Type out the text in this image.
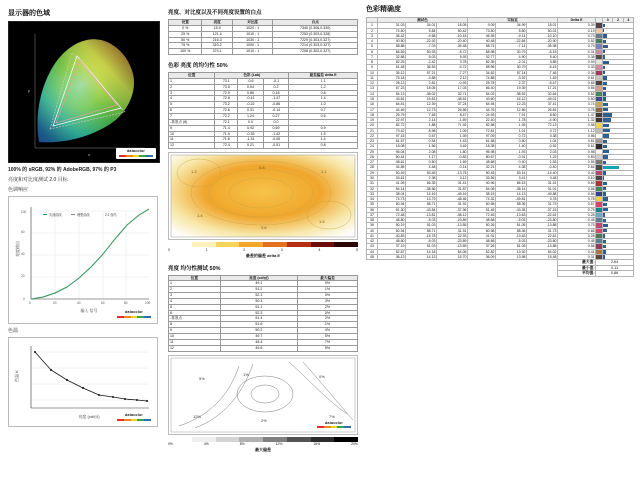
显示器的色域
x
y
datacolor
100% 的 sRGB, 92% 的 AdobeRGB, 97% 的 P3
亮度和对比度测试 2.0 目标
色调响应
输入 信号
亮度输出
0	20	40	60	80	100
0
20
40
60
100
实测曲线	理想曲线	2.2 伽马
datacolor
色温
亮度 (cd/㎡)
色温 K
datacolor
亮度、对比度以及不同亮度设置的白点
设置	亮度	对比度	白点
0 %	15.9	1020 : 1	7340 (0.306,0.330)
25 %	121.4	1010 : 1	7253 (0.303,0.328)
50 %	216.3	1030 : 1	7229 (0.303,0.327)
75 %	310.2	1000 : 1	7214 (0.303,0.327)
100 %	374.1	1010 : 1	7208 (0.302,0.327)
色彩 亮度 的均匀性 50%
位置	色彩 (Lab)			最差偏差 delta E
1	73.1	-0.6	-0.1	1.1
2	73.5	0.04	0.2	1.2
3	72.9	0.86	0.18	0.8
4	72.8	-0.41	-1.47	1.4
5	73.2	-0.22	-0.86	1.0
6	72.6	0.31	-0.14	0.7
7	72.2	1.24	0.27	0.6
-基准点 (8)	72.1	0.0	0.0	-
9	71.4	0.92	0.69	0.9
10	71.9	-0.35	-1.42	1.5
11	71.8	-1.31	-0.05	1.4
12	72.4	0.21	-0.51	0.8
1.2
0.8
1.1
1.4
0.6
1.5
0	1	2	3	4	5
最差的偏差 delta E
亮度 均匀性测试 50%
位置	亮度 (cd/㎡)	最大偏差
1	49.1	5%
2	51.2	1%
3	52.1	0%
4	50.4	3%
5	51.1	2%
6	52.3	0%
-基准点	51.4	2%
8	51.6	1%
9	50.2	4%
10	49.7	5%
11	48.4	7%
12	49.6	5%
5%
1%	0%
12%
2%
7%
datacolor
0%	4%	8%	12%	16%	20%
最大偏差
色彩精确度
	测试色			实验室			Delta E		0	2	4
1	31.03	34.01	18.05	9.09	34.99	18.01	0.39				

2	74.50	5.84	50.42	73.50	5.80	50.01	0.19				

3	46.42	-9.58	-10.15	46.95	-9.14	-10.10	0.73				

4	40.50	-22.92	-20.40	40.48	-22.84	-20.90	0.52				

5	58.88	-7.03	-35.48	58.74	-7.14	-35.98	0.79				

6	66.59	50.93	-5.72	58.98	30.79	-6.15	0.31				

7	32.88	5.03	5.93	32.77	4.90	5.40	0.38				

8	82.25	-2.42	3.78	82.35	-2.01	3.85	0.93				

9	61.48	36.53	-5.72	58.96	30.79	-6.15	0.33				

10	35.12	57.21	-7.27	34.82	57.14	-7.46	0.34				

11	75.18	-3.88	2.12	74.88	-3.92	1.49	0.61				

12	28.13	2.81	-0.93	25.78	2.37	-5.47	0.65				

13	67.23	18.05	17.03	66.40	19.39	17.21	0.55				

14	54.13	-38.02	32.71	54.02	-38.52	32.64	0.52				

15	43.81	15.81	-48.51	43.60	16.12	-49.01	0.50				

16	64.51	12.39	37.24	64.94	12.23	37.41	0.74				

17	44.49	12.73	26.56	44.76	12.56	26.81	0.76				

18	25.79	7.45	8.47	24.93	7.91	8.50	1.47				

19	22.97	2.14	-1.69	22.40	1.78	-4.90	1.32				

20	82.72	1.88	71.92	82.98	1.93	72.13	0.98				

21	73.42	8.98	1.09	72.81	1.01	0.72	1.12				

22	97.15	0.57	1.39	97.09	0.72	0.38	0.96				

23	61.57	0.54	1.43	61.58	0.50	1.04	0.61				

24	18.08	1.56	0.49	18.38	1.40	-0.92	0.61				

25	96.04	2.08	1.80	95.98	1.93	2.03	0.98				

26	80.44	1.17	-0.83	80.67	-0.91	1.23	0.83				

27	48.61	0.50	1.69	48.68	0.40	1.53	0.55				

28	34.85	4.48	-0.14	32.21	4.38	-0.40	2.64				

29	50.49	53.45	-13.75	50.45	53.14	-14.40	0.42				

30	33.61	2.38	0.12	33.56	3.41	0.48	0.10				

31	41.05	66.35	31.41	40.96	66.15	31.41	0.69				

32	54.14	-38.56	31.87	54.08	-38.14	31.01	0.56				

33	38.04	14.16	-49.16	38.15	14.13	-49.88	0.56				

34	74.73	13.79	-48.46	74.32	-49.81	0.78	0.78				

35	60.94	58.71	31.91	60.98	58.36	31.73	0.67				

36	51.30	-43.84	-37.96	51.45	-43.35	-37.15	0.75				

37	72.48	-13.81	-48.12	72.45	-13.63	-22.61	0.28				

38	48.80	-5.03	-23.89	48.68	-5.03	-23.80	0.45				

39	50.19	51.03	-13.55	50.26	51.05	-13.88	0.75				

40	60.94	58.71	31.91	60.98	58.36	31.73	0.66				

41	40.83	-15.78	22.93	41.91	-13.63	22.61	0.28				

42	48.80	-5.03	-23.89	48.68	-5.03	-23.80	0.45				

43	37.19	51.03	-13.55	37.26	51.05	-13.88	0.56				

44	52.87	14.18	54.05	52.82	13.92	54.02	0.41				

45	36.13	14.13	15.70	36.09	13.98	15.48	0.31				

							最大值:	2.64			
							最小值:	0.11			
							平均值:	0.86			
